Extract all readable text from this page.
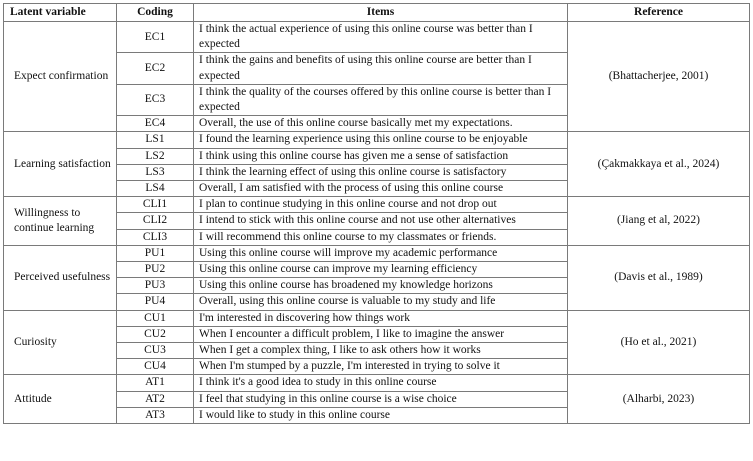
Latent variable	Coding	Items	Reference
Expect confirmation	EC1	I think the actual experience of using this online course was better than I expected	(Bhattacherjee, 2001)
	EC2	I think the gains and benefits of using this online course are better than I expected	
	EC3	I think the quality of the courses offered by this online course is better than I expected	
	EC4	Overall, the use of this online course basically met my expectations.	
Learning satisfaction	LS1	I found the learning experience using this online course to be enjoyable	(Çakmakkaya et al., 2024)
	LS2	I think using this online course has given me a sense of satisfaction	
	LS3	I think the learning effect of using this online course is satisfactory	
	LS4	Overall, I am satisfied with the process of using this online course	
Willingness to continue learning	CLI1	I plan to continue studying in this online course and not drop out	(Jiang et al, 2022)
	CLI2	I intend to stick with this online course and not use other alternatives	
	CLI3	I will recommend this online course to my classmates or friends.	
Perceived usefulness	PU1	Using this online course will improve my academic performance	(Davis et al., 1989)
	PU2	Using this online course can improve my learning efficiency	
	PU3	Using this online course has broadened my knowledge horizons	
	PU4	Overall, using this online course is valuable to my study and life	
Curiosity	CU1	I'm interested in discovering how things work	(Ho et al., 2021)
	CU2	When I encounter a difficult problem, I like to imagine the answer	
	CU3	When I get a complex thing, I like to ask others how it works	
	CU4	When I'm stumped by a puzzle, I'm interested in trying to solve it	
Attitude	AT1	I think it's a good idea to study in this online course	(Alharbi, 2023)
	AT2	I feel that studying in this online course is a wise choice	
	AT3	I would like to study in this online course	
